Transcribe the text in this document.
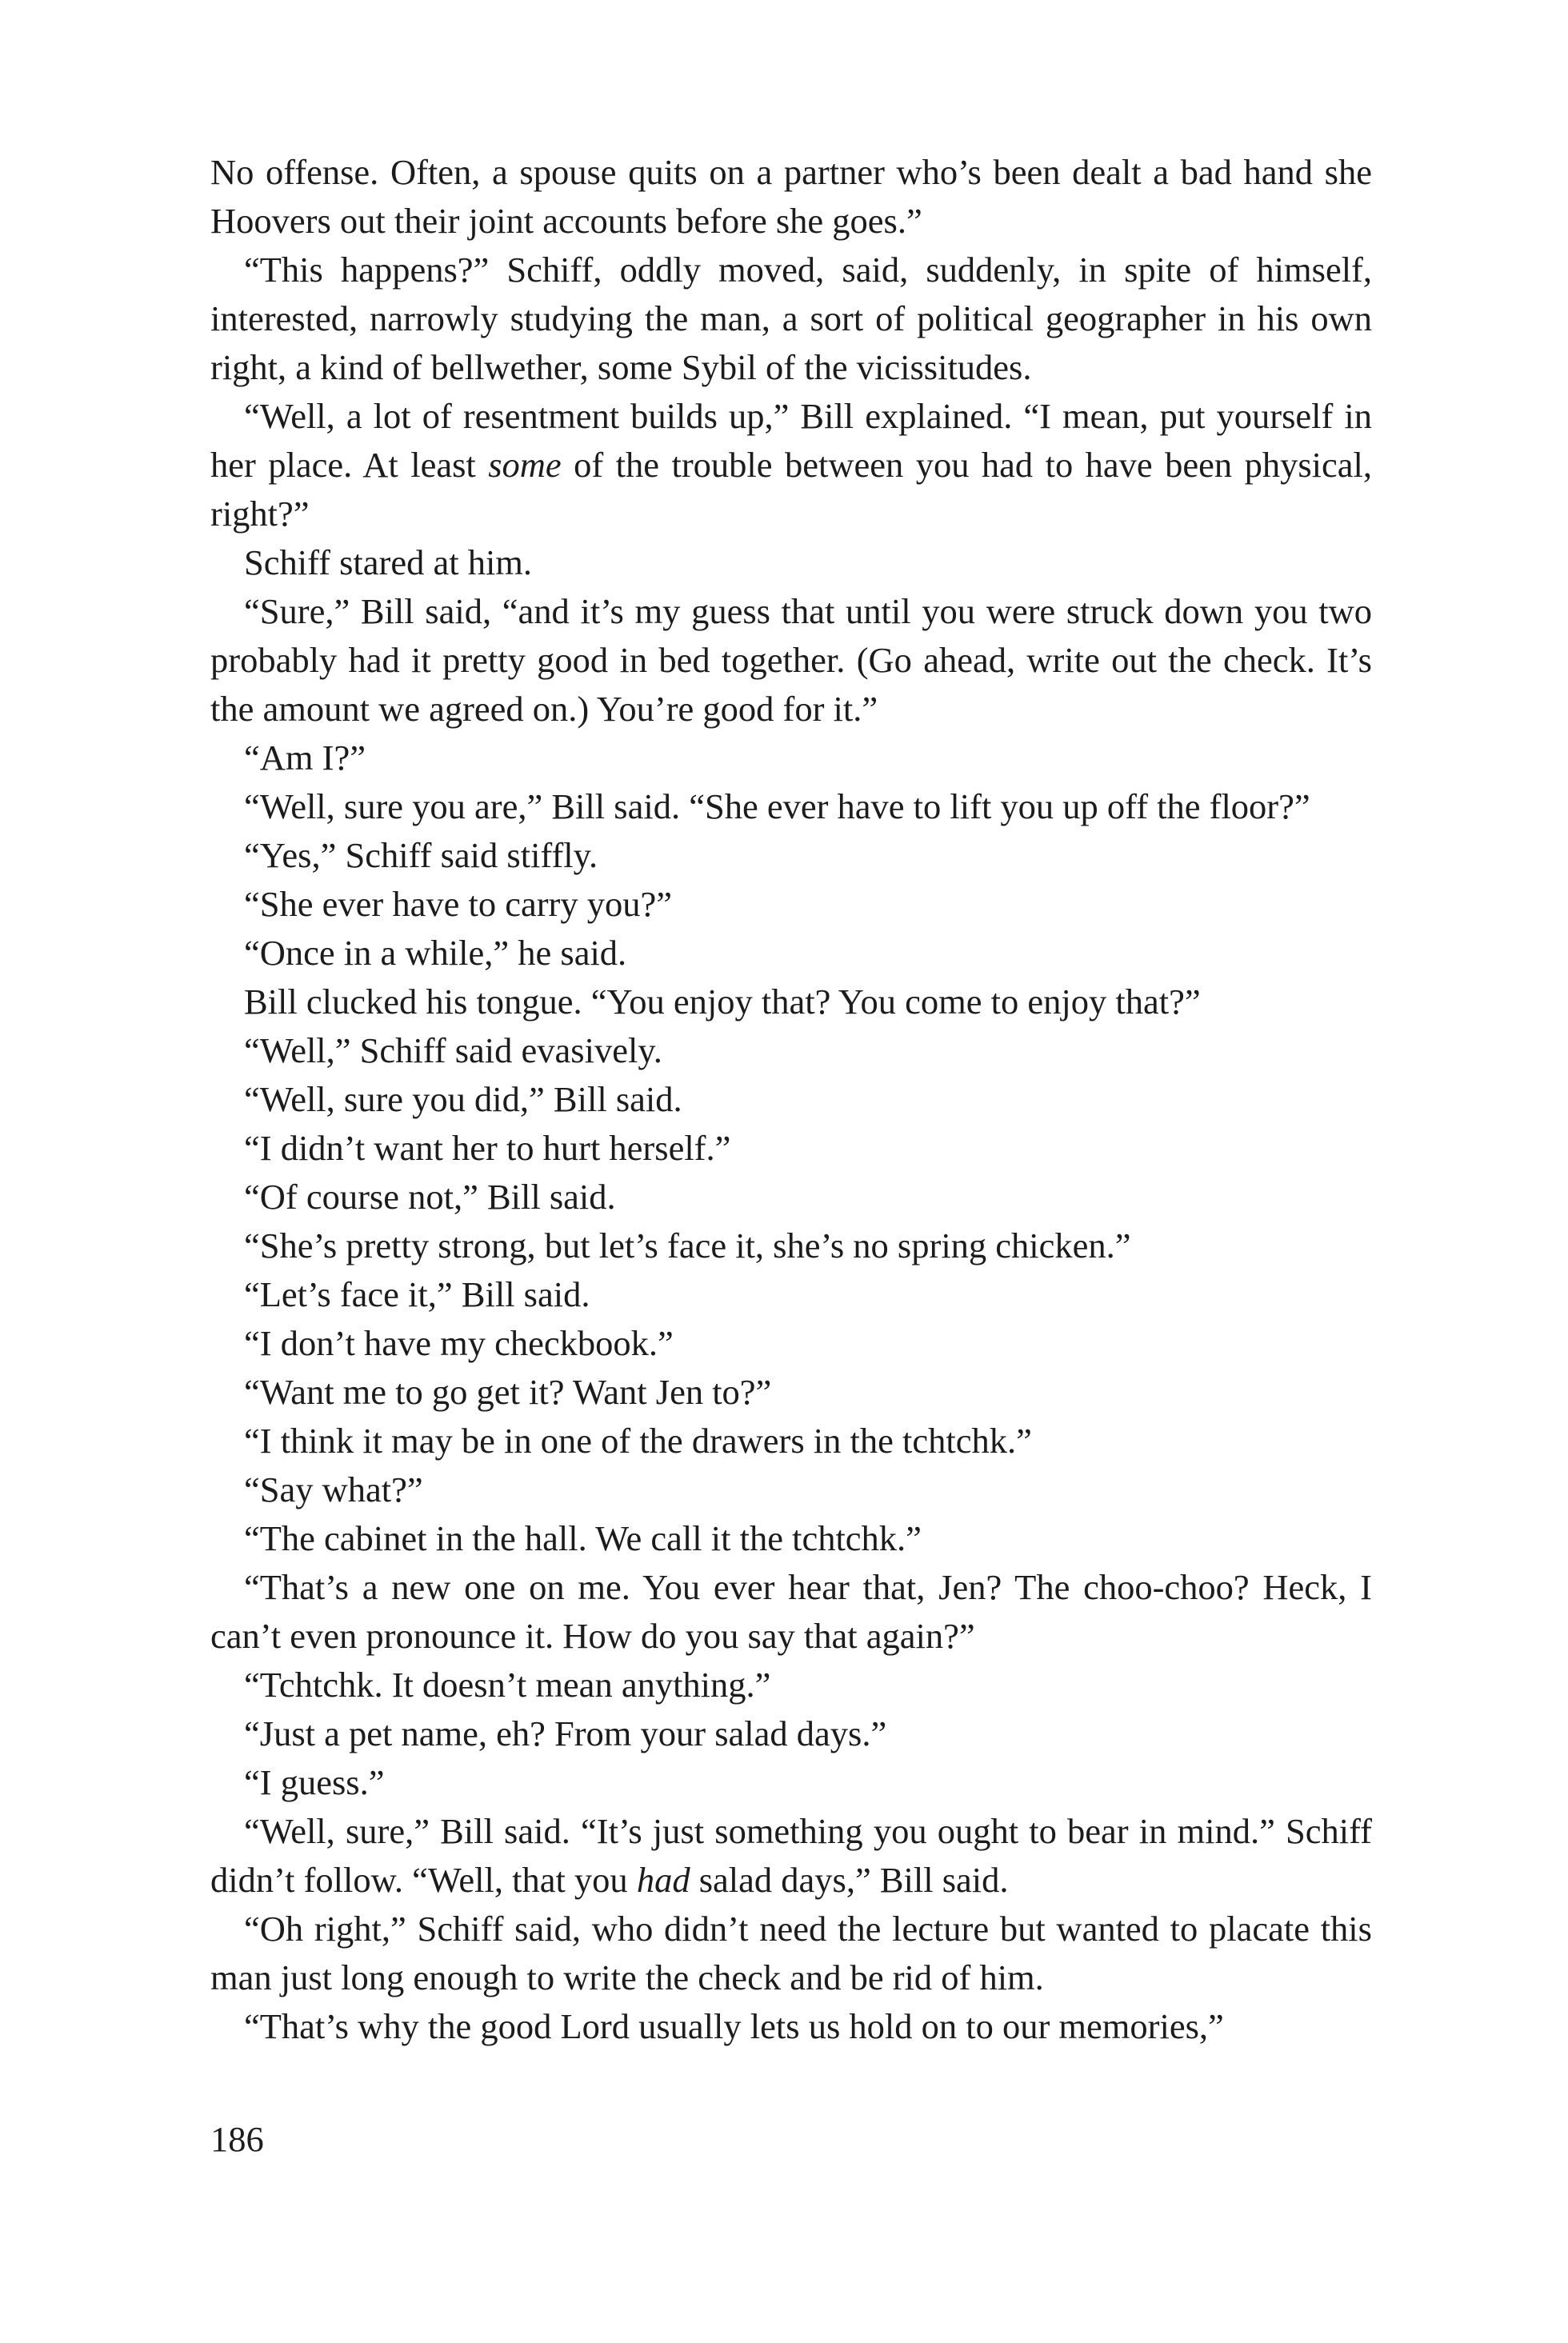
No offense. Often, a spouse quits on a partner who’s been dealt a bad hand she Hoovers out their joint accounts before she goes.”

“This happens?” Schiff, oddly moved, said, suddenly, in spite of himself, interested, narrowly studying the man, a sort of political geographer in his own right, a kind of bellwether, some Sybil of the vicissitudes.

“Well, a lot of resentment builds up,” Bill explained. “I mean, put yourself in her place. At least some of the trouble between you had to have been physical, right?”

Schiff stared at him.

“Sure,” Bill said, “and it’s my guess that until you were struck down you two probably had it pretty good in bed together. (Go ahead, write out the check. It’s the amount we agreed on.) You’re good for it.”

“Am I?”

“Well, sure you are,” Bill said. “She ever have to lift you up off the floor?”

“Yes,” Schiff said stiffly.

“She ever have to carry you?”

“Once in a while,” he said.

Bill clucked his tongue. “You enjoy that? You come to enjoy that?”

“Well,” Schiff said evasively.

“Well, sure you did,” Bill said.

“I didn’t want her to hurt herself.”

“Of course not,” Bill said.

“She’s pretty strong, but let’s face it, she’s no spring chicken.”

“Let’s face it,” Bill said.

“I don’t have my checkbook.”

“Want me to go get it? Want Jen to?”

“I think it may be in one of the drawers in the tchtchk.”

“Say what?”

“The cabinet in the hall. We call it the tchtchk.”

“That’s a new one on me. You ever hear that, Jen? The choo-choo? Heck, I can’t even pronounce it. How do you say that again?”

“Tchtchk. It doesn’t mean anything.”

“Just a pet name, eh? From your salad days.”

“I guess.”

“Well, sure,” Bill said. “It’s just something you ought to bear in mind.” Schiff didn’t follow. “Well, that you had salad days,” Bill said.

“Oh right,” Schiff said, who didn’t need the lecture but wanted to placate this man just long enough to write the check and be rid of him.

“That’s why the good Lord usually lets us hold on to our memories,”

186
